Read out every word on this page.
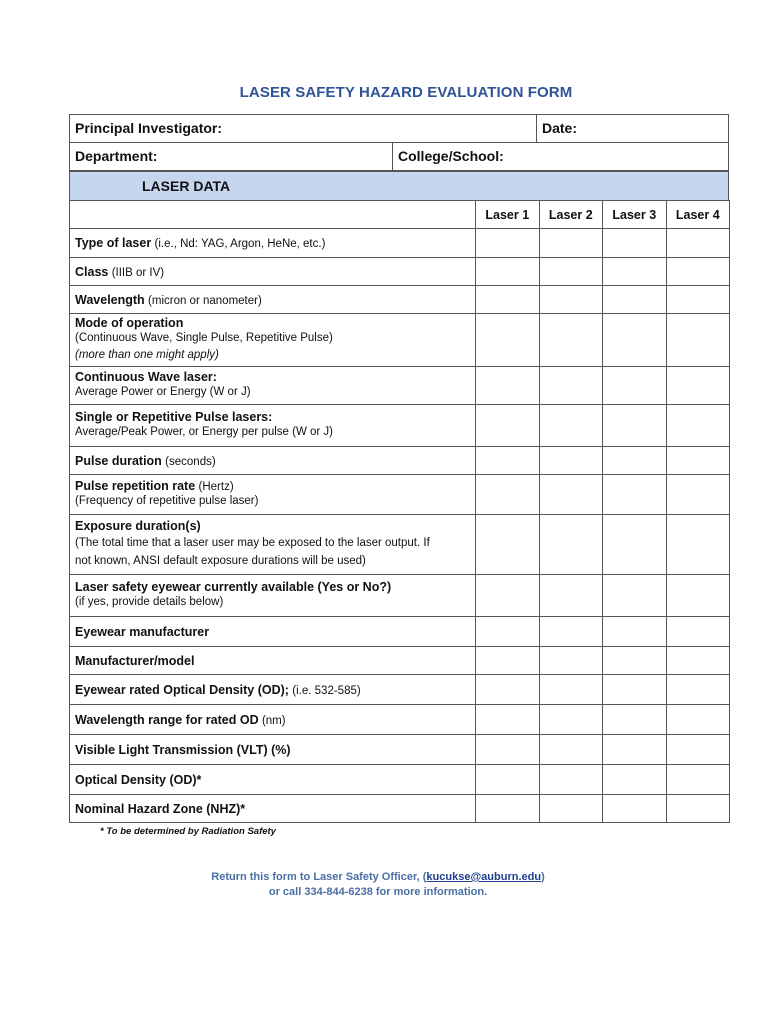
LASER SAFETY HAZARD EVALUATION FORM
Principal Investigator:	Date:
Department:	College/School:
LASER DATA
	Laser 1	Laser 2	Laser 3	Laser 4
Type of laser (i.e., Nd: YAG, Argon, HeNe, etc.)				
Class (IIIB or IV)				
Wavelength (micron or nanometer)				
Mode of operation
(Continuous Wave, Single Pulse, Repetitive Pulse)
(more than one might apply)				

Continuous Wave laser:
Average Power or Energy (W or J)				

Single or Repetitive Pulse lasers:
Average/Peak Power, or Energy per pulse (W or J)				

Pulse duration (seconds)				
Pulse repetition rate (Hertz)
(Frequency of repetitive pulse laser)				

Exposure duration(s)
(The total time that a laser user may be exposed to the laser output. If
not known, ANSI default exposure durations will be used)				

Laser safety eyewear currently available (Yes or No?)
(if yes, provide details below)				

Eyewear manufacturer				
Manufacturer/model				
Eyewear rated Optical Density (OD); (i.e. 532-585)				
Wavelength range for rated OD (nm)				
Visible Light Transmission (VLT) (%)				
Optical Density (OD)*				
Nominal Hazard Zone (NHZ)*				
* To be determined by Radiation Safety
Return this form to Laser Safety Officer, (kucukse@auburn.edu)
or call 334-844-6238 for more information.
